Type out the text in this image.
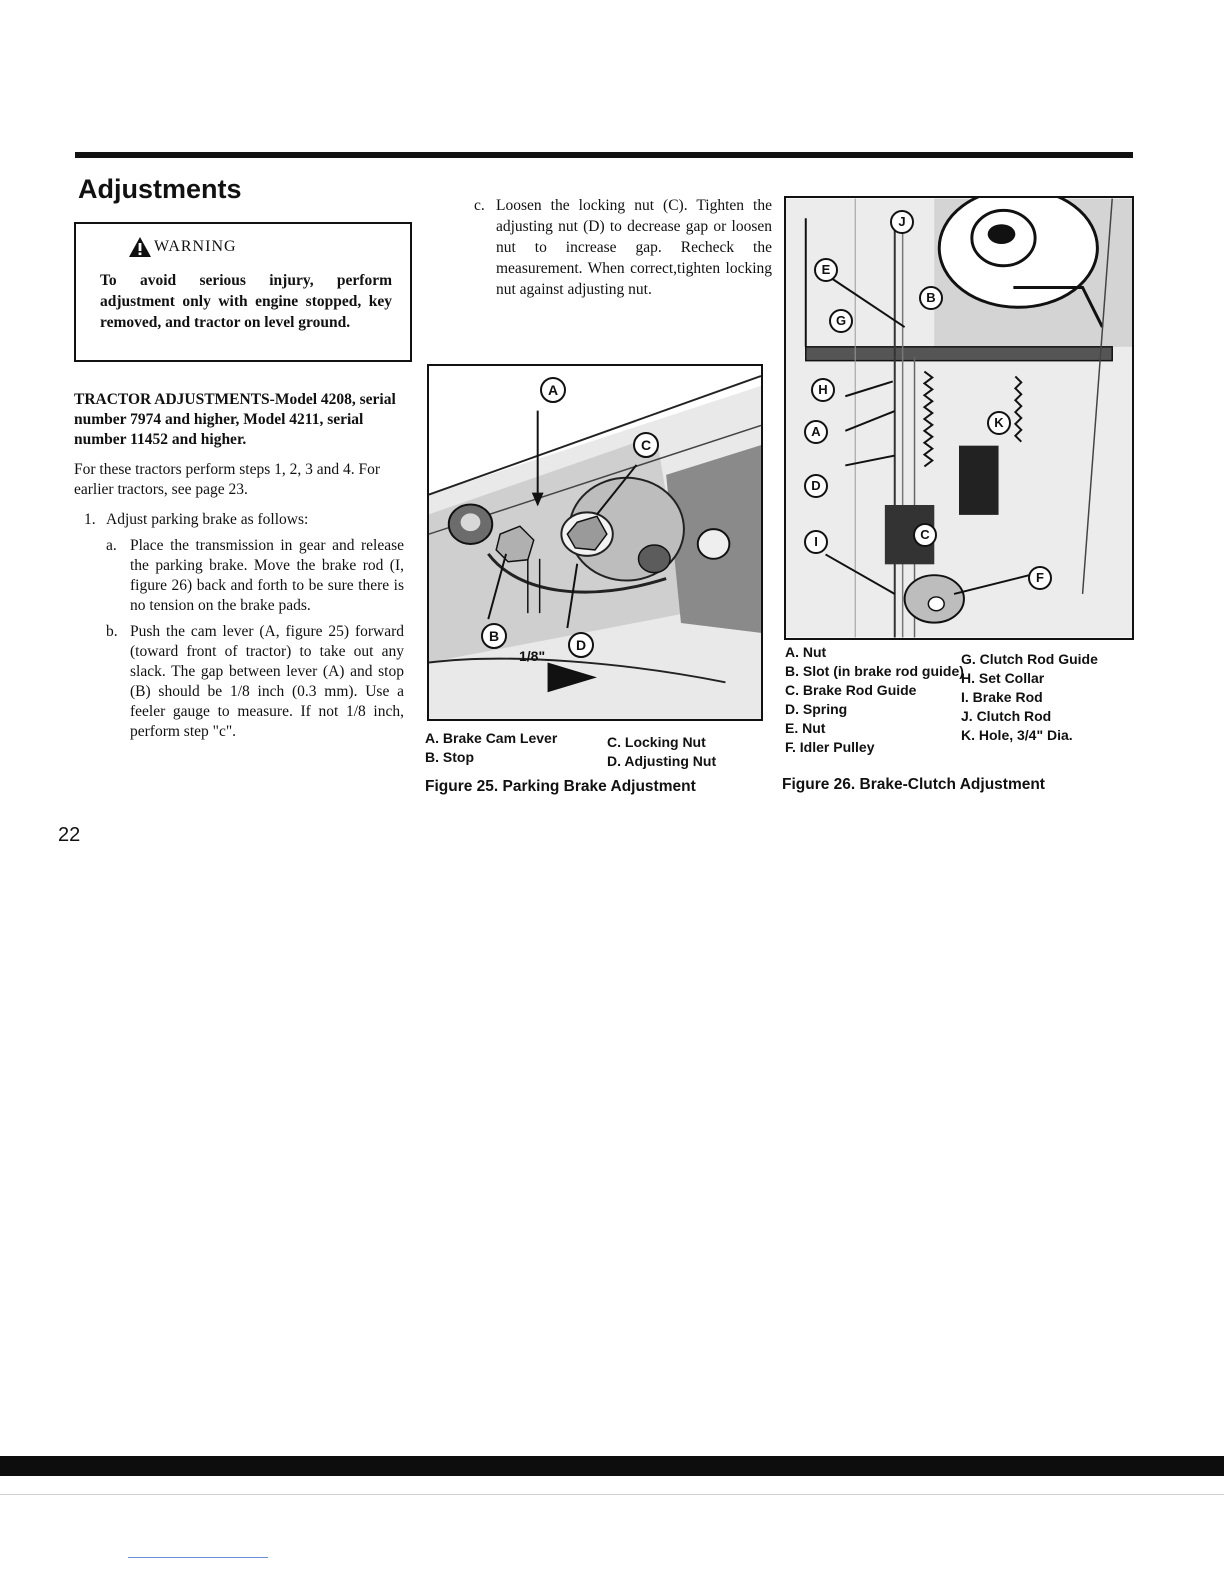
Adjustments
WARNING

To avoid serious injury, perform adjustment only with engine stopped, key removed, and tractor on level ground.

TRACTOR ADJUSTMENTS-Model 4208, serial number 7974 and higher, Model 4211, serial number 11452 and higher.

For these tractors perform steps 1, 2, 3 and 4. For earlier tractors, see page 23.

1. Adjust parking brake as follows:
a. Place the transmission in gear and release the parking brake. Move the brake rod (I, figure 26) back and forth to be sure there is no tension on the brake pads.
b. Push the cam lever (A, figure 25) forward (toward front of tractor) to take out any slack. The gap between lever (A) and stop (B) should be 1/8 inch (0.3 mm). Use a feeler gauge to measure. If not 1/8 inch, perform step "c".
c. Loosen the locking nut (C). Tighten the adjusting nut (D) to decrease gap or loosen nut to increase gap. Recheck the measurement. When correct,tighten locking nut against adjusting nut.

A
C
B
D
1/8"
A. Brake Cam Lever
B. Stop
C. Locking Nut
D. Adjusting Nut

Figure 25. Parking Brake Adjustment

J
E
B
G
H
K
A
D
C
I
F
A. Nut
B. Slot (in brake rod guide)
C. Brake Rod Guide
D. Spring
E. Nut
F. Idler Pulley
G. Clutch Rod Guide
H. Set Collar
I. Brake Rod
J. Clutch Rod
K. Hole, 3/4" Dia.

Figure 26. Brake-Clutch Adjustment

22
